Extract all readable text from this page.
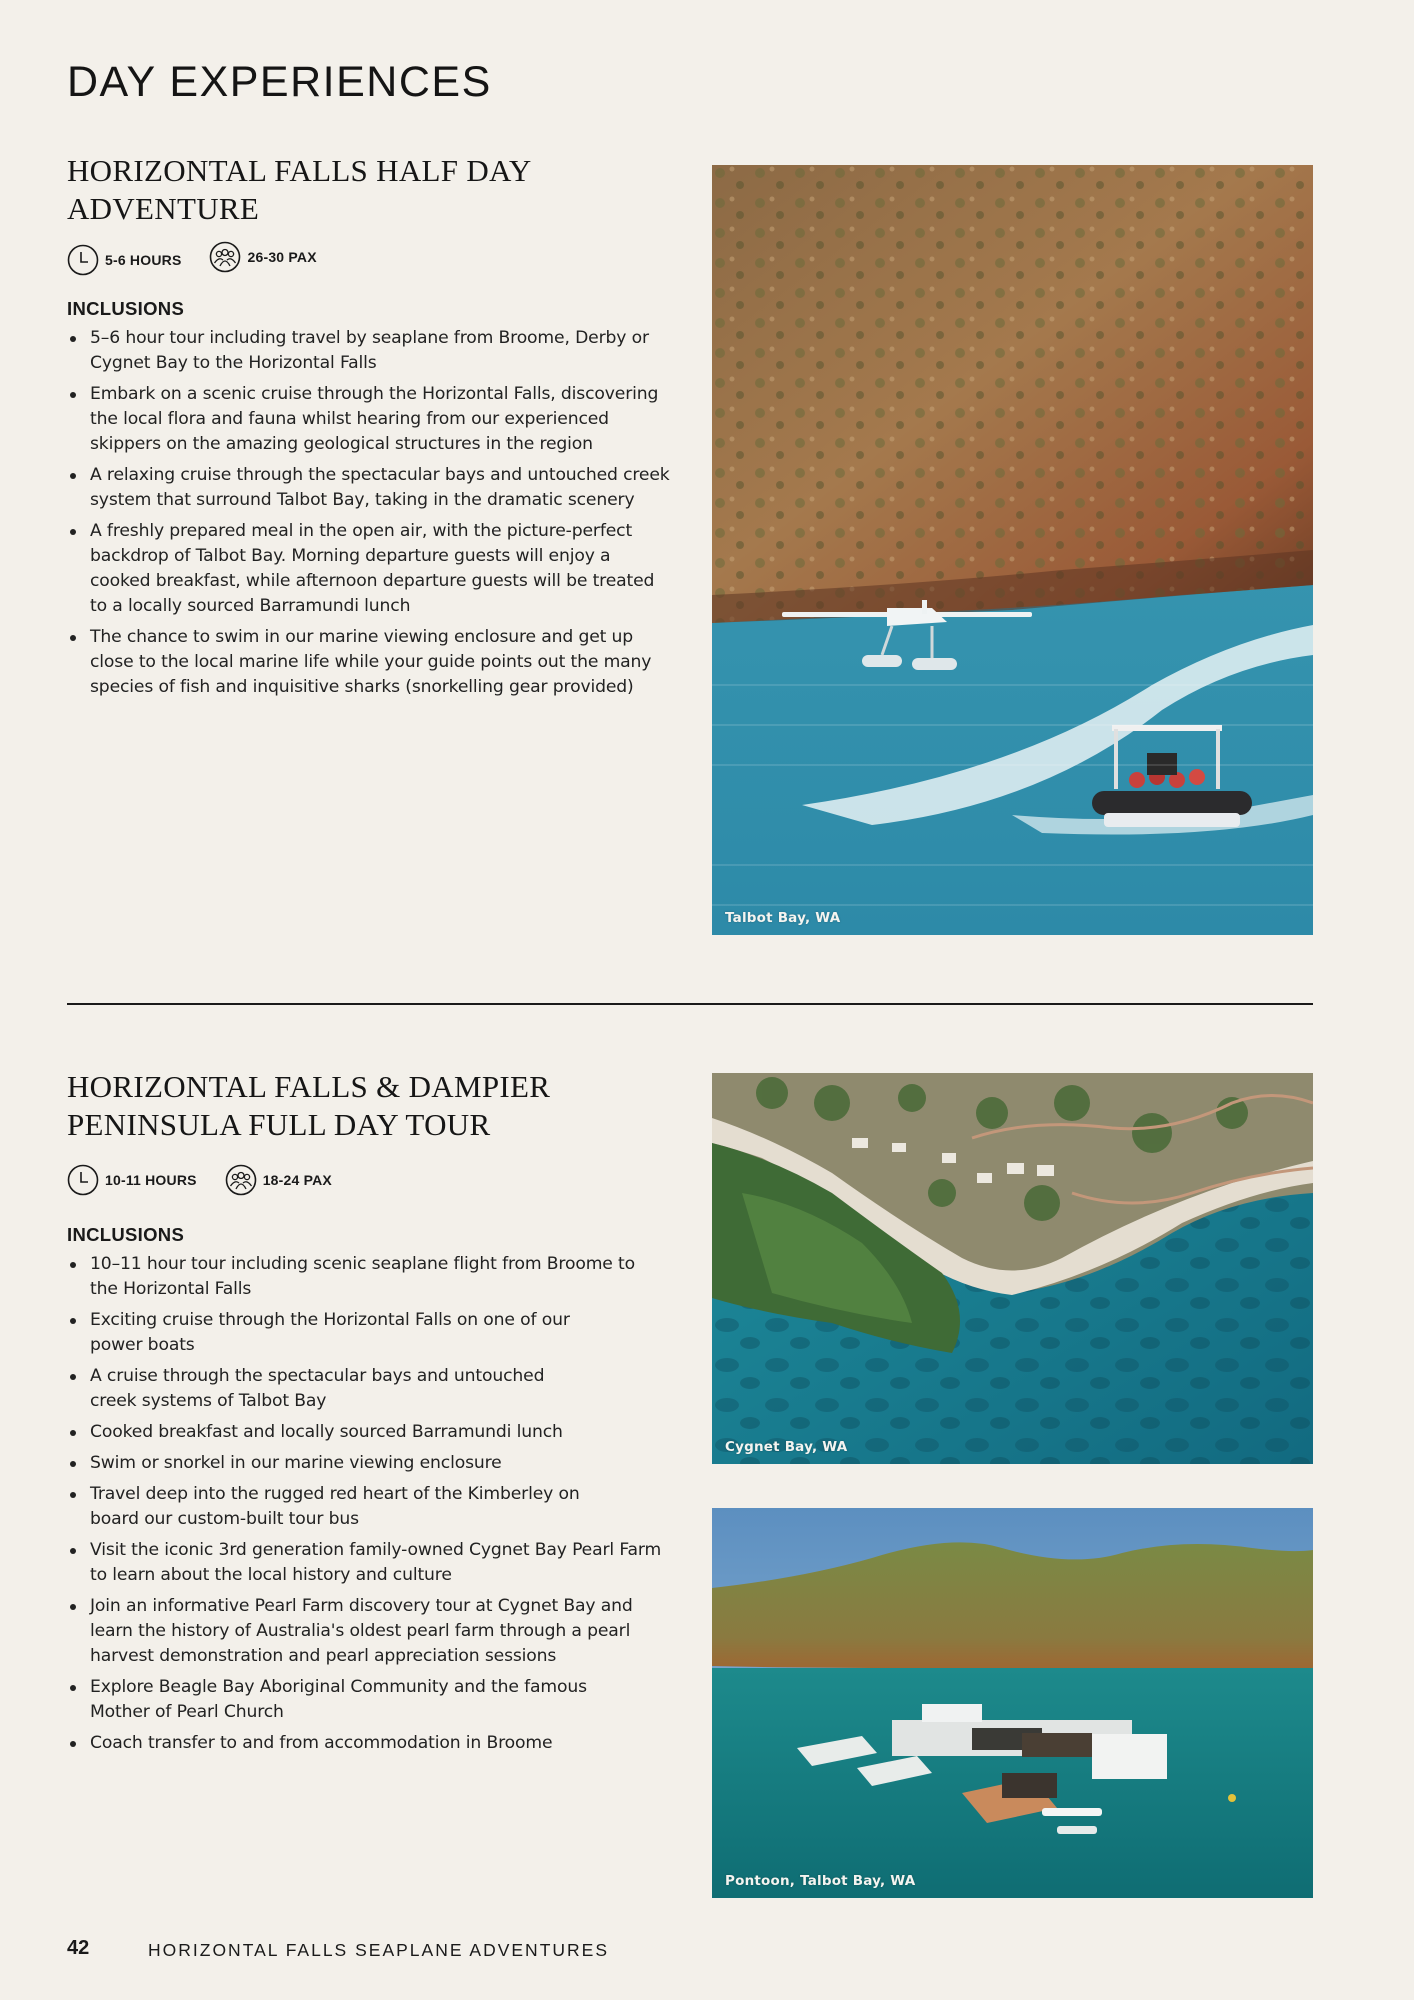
DAY EXPERIENCES
HORIZONTAL FALLS HALF DAY ADVENTURE
5-6 HOURS	26-30 PAX
INCLUSIONS
5–6 hour tour including travel by seaplane from Broome, Derby or Cygnet Bay to the Horizontal Falls
Embark on a scenic cruise through the Horizontal Falls, discovering the local flora and fauna whilst hearing from our experienced skippers on the amazing geological structures in the region
A relaxing cruise through the spectacular bays and untouched creek system that surround Talbot Bay, taking in the dramatic scenery
A freshly prepared meal in the open air, with the picture-perfect backdrop of Talbot Bay. Morning departure guests will enjoy a cooked breakfast, while afternoon departure guests will be treated to a locally sourced Barramundi lunch
The chance to swim in our marine viewing enclosure and get up close to the local marine life while your guide points out the many species of fish and inquisitive sharks (snorkelling gear provided)
Talbot Bay, WA
HORIZONTAL FALLS & DAMPIER PENINSULA FULL DAY TOUR
10-11 HOURS	18-24 PAX
INCLUSIONS
10–11 hour tour including scenic seaplane flight from Broome to the Horizontal Falls
Exciting cruise through the Horizontal Falls on one of our power boats
A cruise through the spectacular bays and untouched creek systems of Talbot Bay
Cooked breakfast and locally sourced Barramundi lunch
Swim or snorkel in our marine viewing enclosure
Travel deep into the rugged red heart of the Kimberley on board our custom-built tour bus
Visit the iconic 3rd generation family-owned Cygnet Bay Pearl Farm to learn about the local history and culture
Join an informative Pearl Farm discovery tour at Cygnet Bay and learn the history of Australia's oldest pearl farm through a pearl harvest demonstration and pearl appreciation sessions
Explore Beagle Bay Aboriginal Community and the famous Mother of Pearl Church
Coach transfer to and from accommodation in Broome
Cygnet Bay, WA
Pontoon, Talbot Bay, WA
42	HORIZONTAL FALLS SEAPLANE ADVENTURES
